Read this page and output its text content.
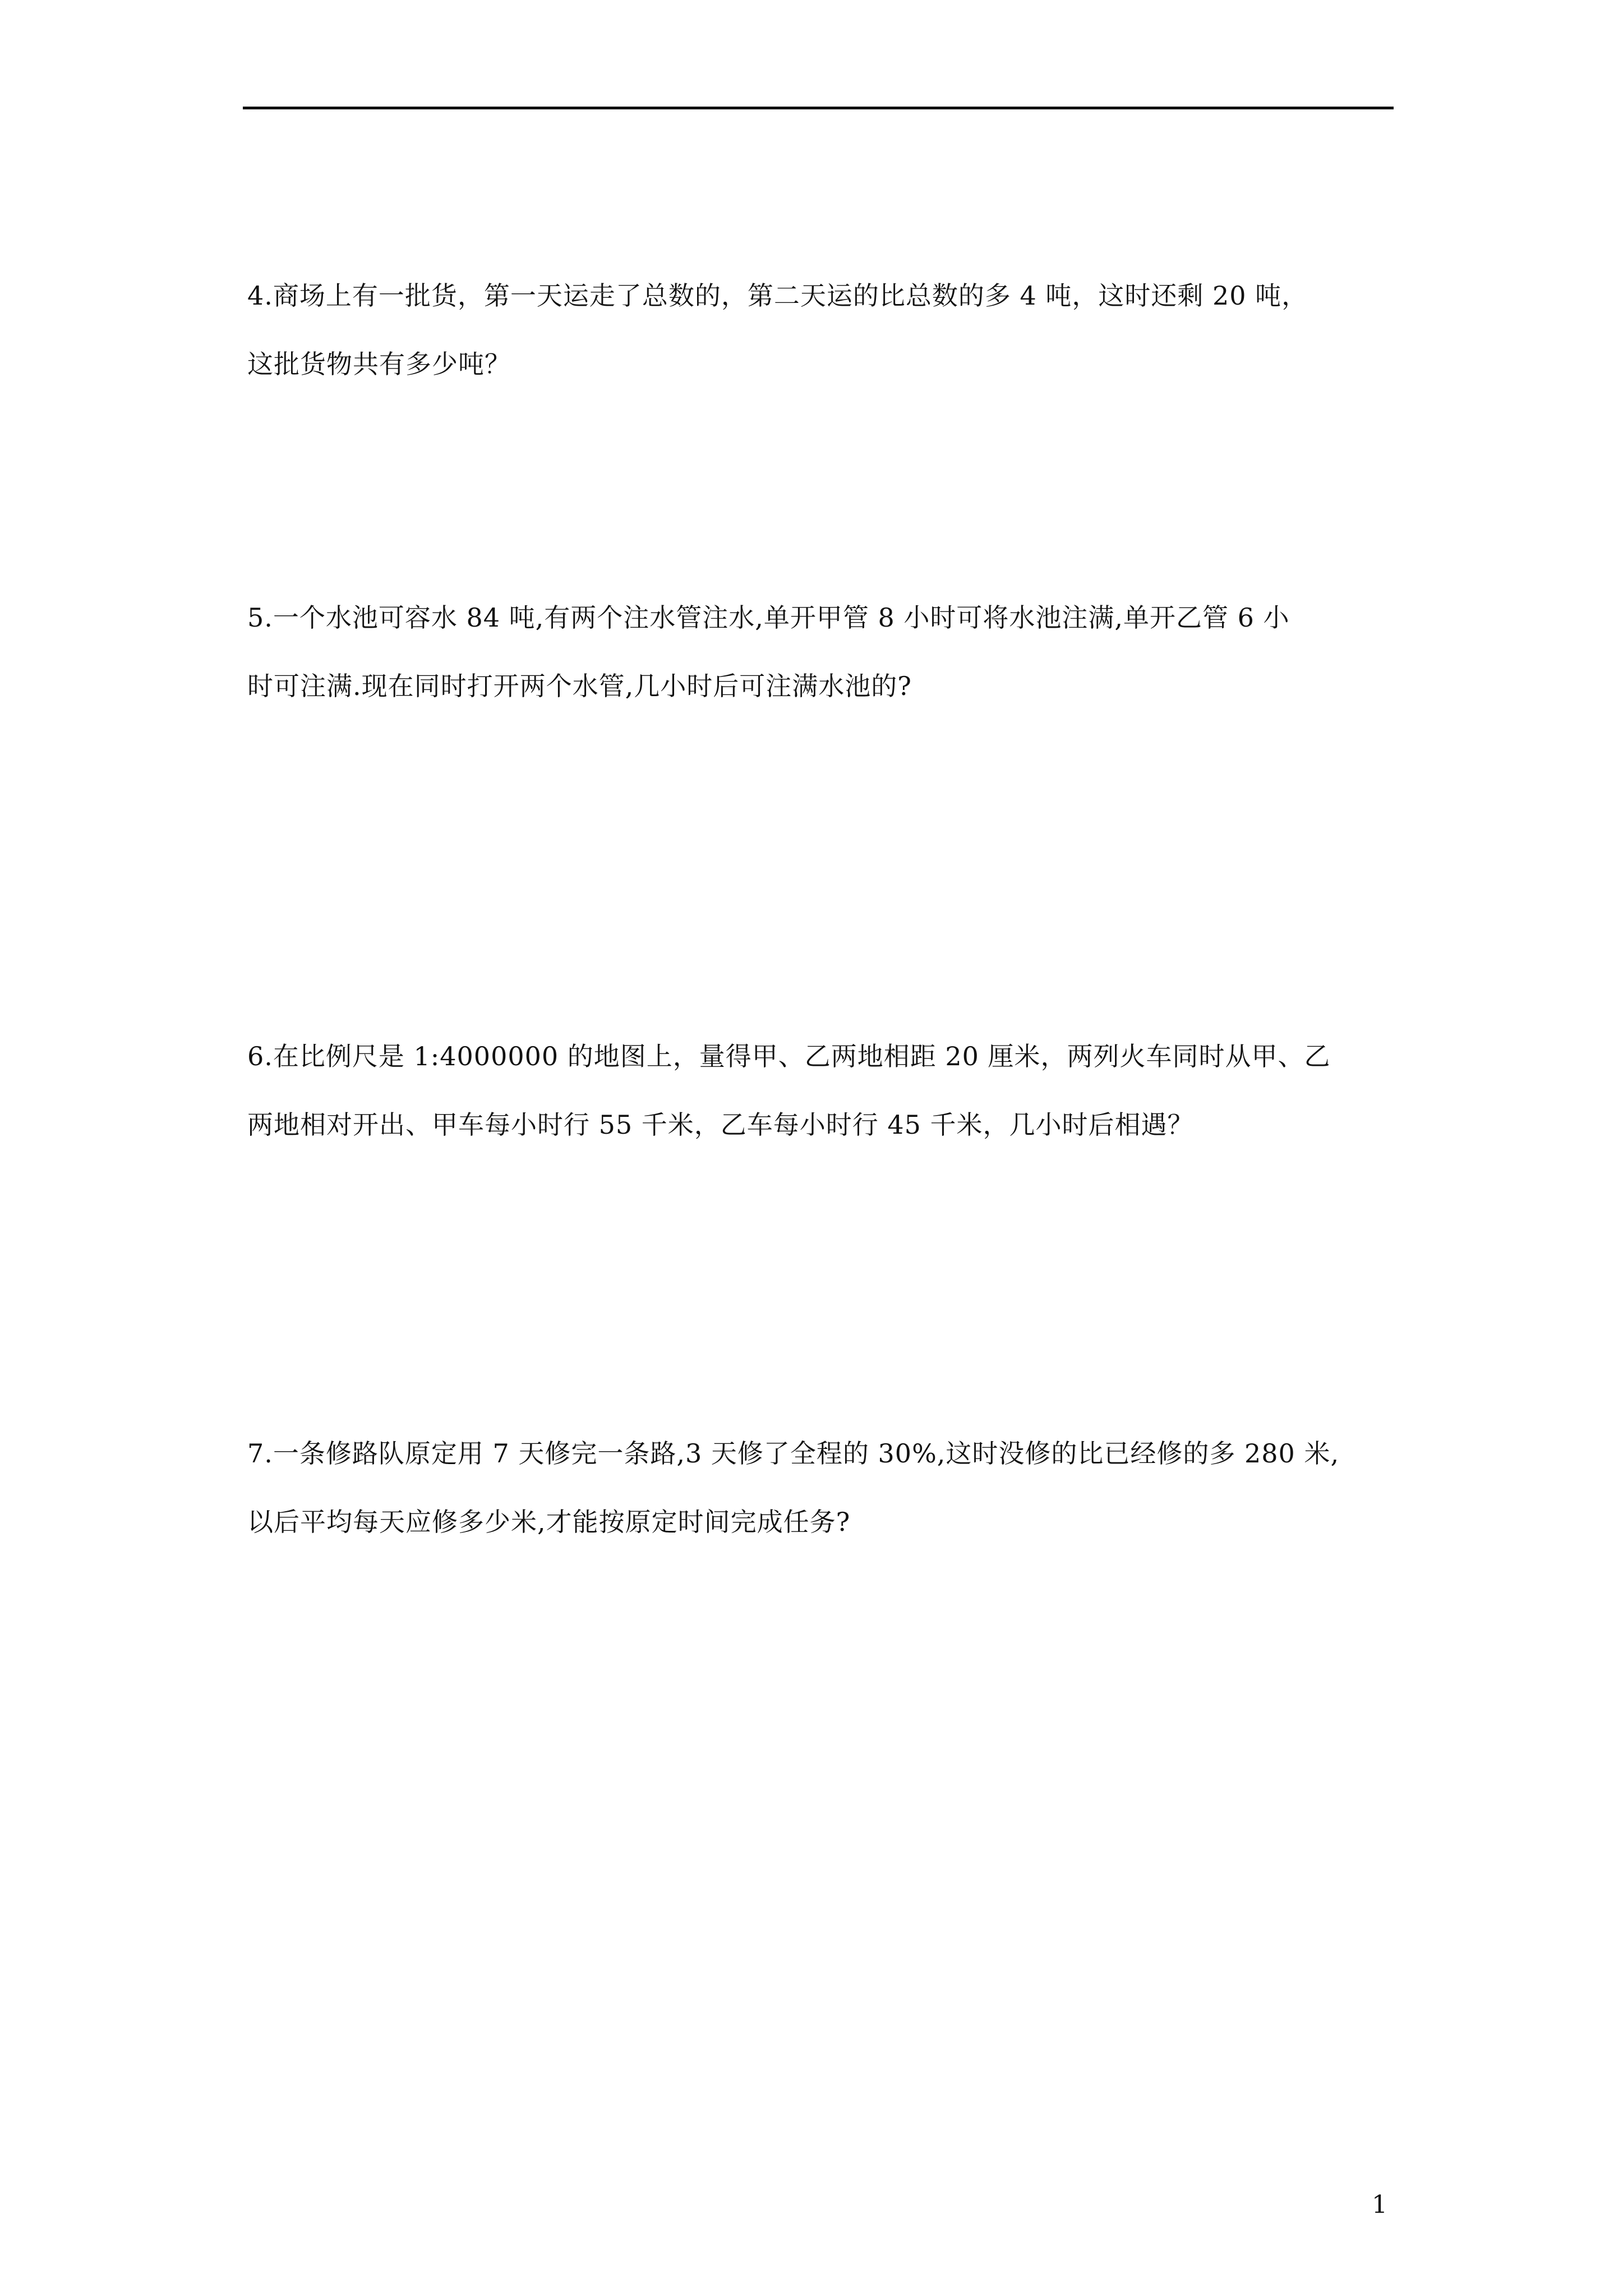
4.商场上有一批货，第一天运走了总数的，第二天运的比总数的多 4 吨，这时还剩 20 吨，
这批货物共有多少吨？
5.一个水池可容水 84 吨,有两个注水管注水,单开甲管 8 小时可将水池注满,单开乙管 6 小
时可注满.现在同时打开两个水管,几小时后可注满水池的?
6.在比例尺是 1:4000000 的地图上，量得甲、乙两地相距 20 厘米，两列火车同时从甲、乙
两地相对开出、甲车每小时行 55 千米，乙车每小时行 45 千米，几小时后相遇？
7.一条修路队原定用 7 天修完一条路,3 天修了全程的 30%,这时没修的比已经修的多 280 米,
以后平均每天应修多少米,才能按原定时间完成任务?
1
